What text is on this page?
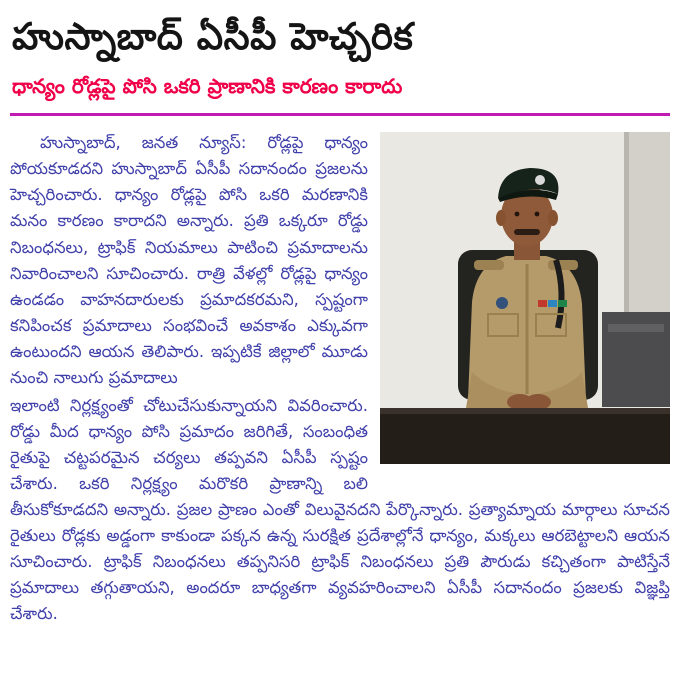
హుస్నాబాద్ ఏసీపీ హెచ్చరిక
ధాన్యం రోడ్లపై పోసి ఒకరి ప్రాణానికి కారణం కారాదు

హుస్నాబాద్, జనత న్యూస్: రోడ్లపై ధాన్యం పోయకూడదని హుస్నాబాద్ ఏసీపీ సదానందం ప్రజలను హెచ్చరించారు. ధాన్యం రోడ్లపై పోసి ఒకరి మరణానికి మనం కారణం కారాదని అన్నారు. ప్రతి ఒక్కరూ రోడ్డు నిబంధనలు, ట్రాఫిక్ నియమాలు పాటించి ప్రమాదాలను నివారించాలని సూచించారు. రాత్రి వేళల్లో రోడ్లపై ధాన్యం ఉండడం వాహనదారులకు ప్రమాదకరమని, స్పష్టంగా కనిపించక ప్రమాదాలు సంభవించే అవకాశం ఎక్కువగా ఉంటుందని ఆయన తెలిపారు. ఇప్పటికే జిల్లాలో మూడు నుంచి నాలుగు ప్రమాదాలు

ఇలాంటి నిర్లక్ష్యంతో చోటుచేసుకున్నాయని వివరించారు. రోడ్డు మీద ధాన్యం పోసి ప్రమాదం జరిగితే, సంబంధిత రైతుపై చట్టపరమైన చర్యలు తప్పవని ఏసీపీ స్పష్టం చేశారు. ఒకరి నిర్లక్ష్యం మరొకరి ప్రాణాన్ని బలి తీసుకోకూడదని అన్నారు. ప్రజల ప్రాణం ఎంతో విలువైనదని పేర్కొన్నారు. ప్రత్యామ్నాయ మార్గాలు సూచన రైతులు రోడ్లకు అడ్డంగా కాకుండా పక్కన ఉన్న సురక్షిత ప్రదేశాల్లోనే ధాన్యం, మక్కలు ఆరబెట్టాలని ఆయన సూచించారు. ట్రాఫిక్ నిబంధనలు తప్పనిసరి ట్రాఫిక్ నిబంధనలు ప్రతి పౌరుడు కచ్చితంగా పాటిస్తేనే ప్రమాదాలు తగ్గుతాయని, అందరూ బాధ్యతగా వ్యవహరించాలని ఏసీపీ సదానందం ప్రజలకు విజ్ఞప్తి చేశారు.
